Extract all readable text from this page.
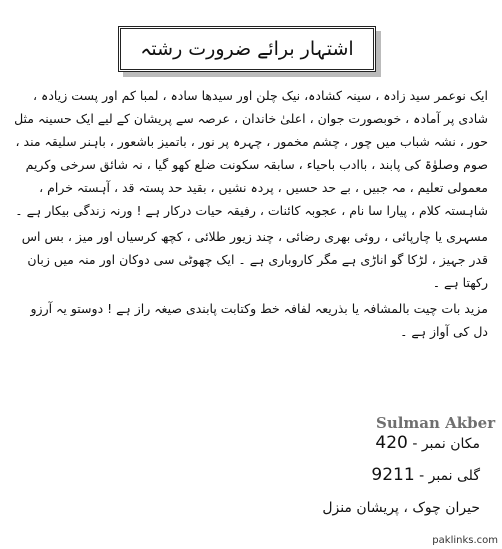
اشتہار برائے ضرورت رشتہ

ایک نوعمر سید زادہ ، سینہ کشادہ، نیک چلن اور سیدھا سادہ ، لمبا کم اور پست زیادہ ، شادی پر آمادہ ، خوبصورت جوان ، اعلیٰ خاندان ، عرصہ سے پریشان کے لیے ایک حسینہ مثل حور ، نشہ شباب میں چور ، چشم مخمور ، چہرہ پر نور ، باتمیز باشعور ، باہنر سلیقہ مند ، صوم وصلوٰۃ کی پابند ، باادب باحیاء ، سابقہ سکونت ضلع کھو گیا ، نہ شائق سرخی وکریم معمولی تعلیم ، مہ جبیں ، بے حد حسیں ، پردہ نشیں ، بقید حد پستہ قد ، آہستہ خرام ، شاہستہ کلام ، پیارا سا نام ، عجوبہ کائنات ، رفیقہ حیات درکار ہے ! ورنہ زندگی بیکار ہے ۔

مسہری یا چارپائی ، روئی بھری رضائی ، چند زیور طلائی ، کچھ کرسیاں اور میز ، بس اس قدر جہیز ، لڑکا گو اناڑی ہے مگر کاروباری ہے ۔ ایک چھوٹی سی دوکان اور منہ میں زبان رکھتا ہے ۔

مزید بات چیت بالمشافہ یا بذریعہ لفافہ خط وکتابت پابندی صیغہ راز ہے ! دوستو یہ آرزو دل کی آواز ہے ۔

Sulman Akber
مکان نمبر - 420
گلی نمبر - 9211
حیران چوک ، پریشان منزل
paklinks.com
